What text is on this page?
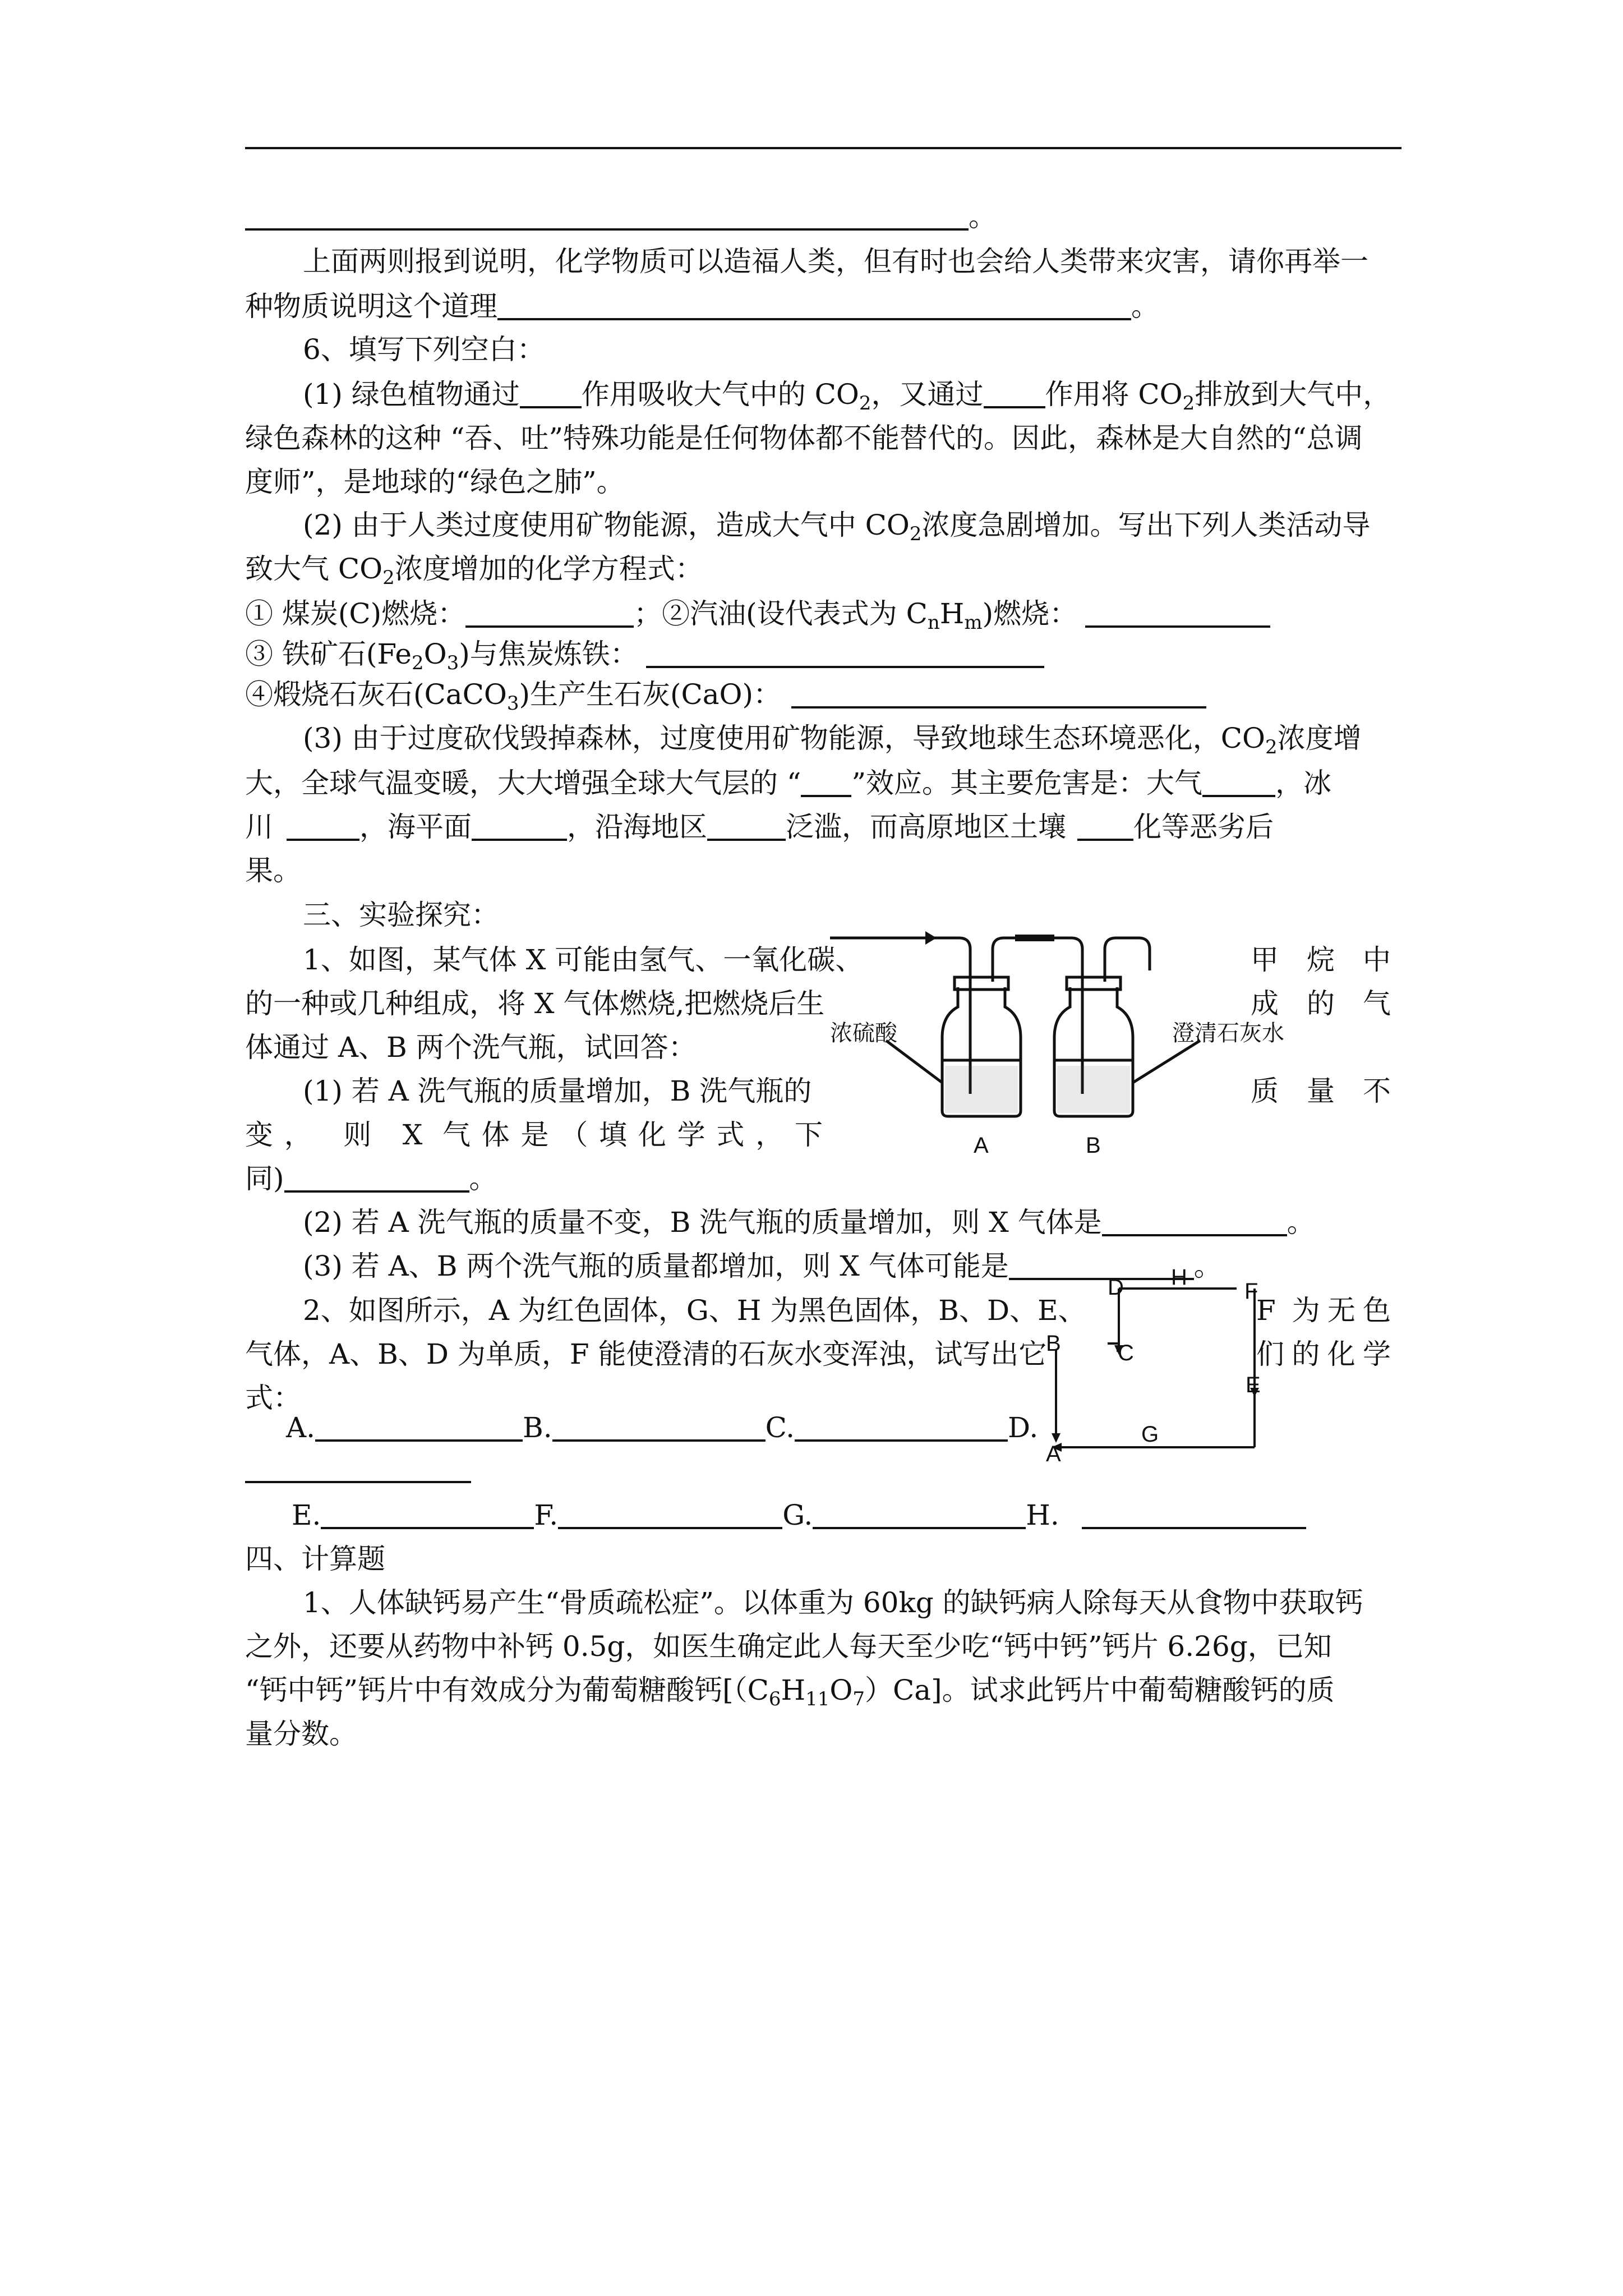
。
上面两则报到说明，化学物质可以造福人类，但有时也会给人类带来灾害，请你再举一
种物质说明这个道理	。
6、填写下列空白：
(1) 绿色植物通过 作用吸收大气中的 $CO_2$，又通过 作用将 $CO_2$排放到大气中，
绿色森林的这种 “吞、吐”特殊功能是任何物体都不能替代的。因此，森林是大自然的“总调
度师”，是地球的“绿色之肺”。
(2) 由于人类过度使用矿物能源，造成大气中 $CO_2$浓度急剧增加。写出下列人类活动导
致大气 $CO_2$浓度增加的化学方程式：
① 煤炭(C)燃烧：	；②汽油(设代表式为 $C_nH_m$)燃烧：
③ 铁矿石$(Fe_2O_3)$与焦炭炼铁：
④煅烧石灰石(CaCO$_3$)生产生石灰(CaO)：
(3) 由于过度砍伐毁掉森林，过度使用矿物能源，导致地球生态环境恶化，$CO_2$浓度增
大，全球气温变暖，大大增强全球大气层的 “ ”效应。其主要危害是：大气	，冰
川	，海平面	，沿海地区	泛滥，而高原地区土壤 化等恶劣后
果。
三、实验探究：
1、如图，某气体 X 可能由氢气、一氧化碳、	甲烷中
的一种或几种组成，将 X 气体燃烧,把燃烧后生	成的气
体通过 A、B 两个洗气瓶，试回答：
(1) 若 A 洗气瓶的质量增加，B 洗气瓶的	质量不
变， 则 X 气体是（填化学式，下
同)	。
(2) 若 A 洗气瓶的质量不变，B 洗气瓶的质量增加，则 X 气体是	。
(3) 若 A、B 两个洗气瓶的质量都增加，则 X 气体可能是	。
浓硫酸	澄清石灰水
A	B
2、如图所示，A 为红色固体，G、H 为黑色固体，B、D、E、	F 为无色
气体，A、B、D 为单质，F 能使澄清的石灰水变浑浊，试写出它	们的化学
式：
D H
F
B	C
E
A
G
A.	B.	C.	D.
E.	F.	G.	H.
四、计算题
1、人体缺钙易产生“骨质疏松症”。以体重为 60kg 的缺钙病人除每天从食物中获取钙
之外，还要从药物中补钙 0.5g，如医生确定此人每天至少吃“钙中钙”钙片 6.26g，已知
“钙中钙”钙片中有效成分为葡萄糖酸钙$[(C_6H_{11}O_7)Ca]$。试求此钙片中葡萄糖酸钙的质
量分数。
